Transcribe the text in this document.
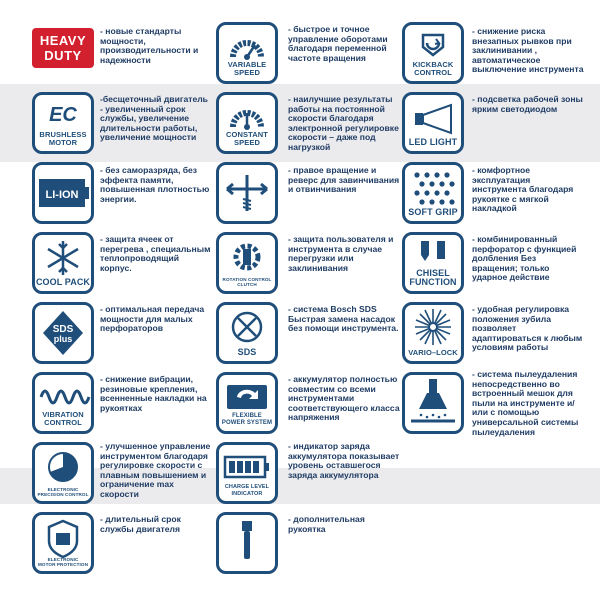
HEAVY
DUTY
- новые стандарты мощности, производительности и надежности	VARIABLE
SPEED
- быстрое и точное управление оборотами благодаря переменной частоте вращения
KICKBACK
CONTROL
- снижение риска внезапных рывков при заклинивании , автоматическое выключение инструмента
EC
BRUSHLESS
MOTOR
-бесщеточный двигатель - увеличенный срок службы, увеличение длительности работы, увеличение мощности	CONSTANT
SPEED
- наилучшие результаты работы на постоянной скорости благодаря электронной регулировке скорости – даже под нагрузкой	LED LIGHT
- подсветка рабочей зоны ярким светодиодом
LI-ION
- без саморазряда, без эффекта памяти, повышенная плотностью энергии.
- правое вращение и реверс для завинчивания и отвинчивания
SOFT GRIP
- комфортное эксплуатация инструмента благодаря рукоятке с мягкой накладкой
COOL PACK
- защита ячеек от перегрева , специальным теплопроводящий корпус.
ROTATION CONTROL
CLUTCH
- защита пользователя и инструмента в случае перегрузки или заклинивания
CHISEL
FUNCTION
- комбинированный перфоратор с функцией долбления Без вращения; только ударное действие
SDS
plus
- оптимальная передача мощности для малых перфораторов
SDS
- система Bosch SDS Быстрая замена насадок без помощи инструмента.
VARIO–LOCK
- удобная регулировка положения зубила позволяет адаптироваться к любым условиям работы
VIBRATION
CONTROL
- снижение вибрации, резиновые крепления, всенненные накладки на рукоятках
FLEXIBLE
POWER SYSTEM
- аккумулятор полностью совместим со всеми инструментами соответствующего класса напряжения
- система пылеудаления непосредственно во встроенный мешок для пыли на инструменте и/или с помощью универсальной системы пылеудаления
ELECTRONIC
PRECISION CONTROL
- улучшенное управление инструментом благодаря регулировке скорости с плавным повышением и ограничение max скорости
CHARGE LEVEL
INDICATOR
- индикатор заряда аккумулятора показывает уровень оставшегося заряда аккумулятора
ELECTRONIC
MOTOR PROTECTION
- длительный срок службы двигателя
- дополнительная рукоятка
